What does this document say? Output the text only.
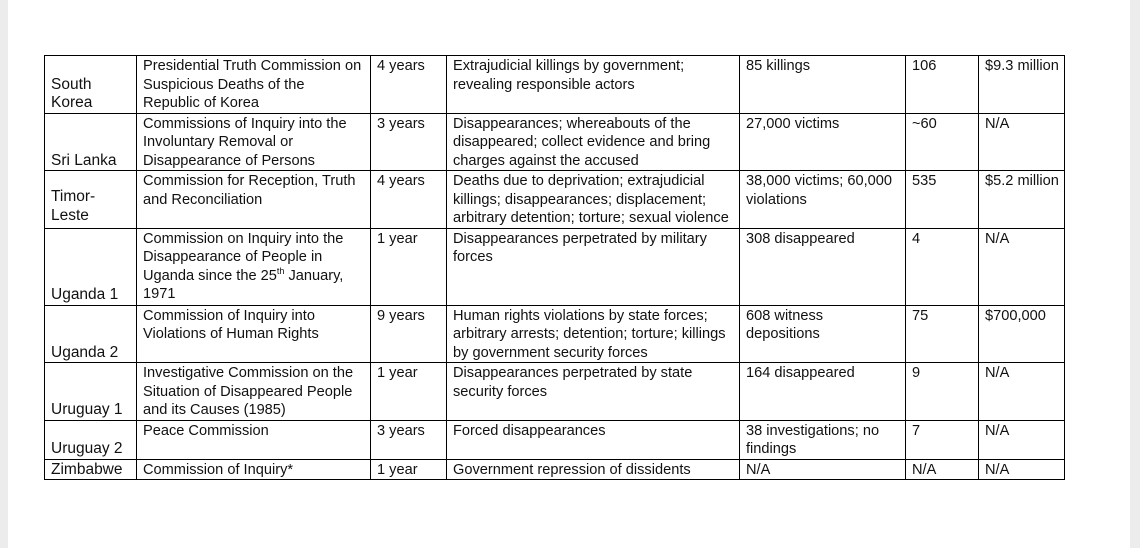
South Korea	Presidential Truth Commission on Suspicious Deaths of the Republic of Korea	4 years	Extrajudicial killings by government; revealing responsible actors	85 killings	106	$9.3 million
Sri Lanka	Commissions of Inquiry into the Involuntary Removal or Disappearance of Persons	3 years	Disappearances; whereabouts of the disappeared; collect evidence and bring charges against the accused	27,000 victims	~60	N/A
Timor-Leste	Commission for Reception, Truth and Reconciliation	4 years	Deaths due to deprivation; extrajudicial killings; disappearances; displacement; arbitrary detention; torture; sexual violence	38,000 victims; 60,000 violations	535	$5.2 million
Uganda 1	Commission on Inquiry into the Disappearance of People in Uganda since the 25th January, 1971	1 year	Disappearances perpetrated by military forces	308 disappeared	4	N/A
Uganda 2	Commission of Inquiry into Violations of Human Rights	9 years	Human rights violations by state forces; arbitrary arrests; detention; torture; killings by government security forces	608 witness depositions	75	$700,000
Uruguay 1	Investigative Commission on the Situation of Disappeared People and its Causes (1985)	1 year	Disappearances perpetrated by state security forces	164 disappeared	9	N/A
Uruguay 2	Peace Commission	3 years	Forced disappearances	38 investigations; no findings	7	N/A
Zimbabwe	Commission of Inquiry*	1 year	Government repression of dissidents	N/A	N/A	N/A
